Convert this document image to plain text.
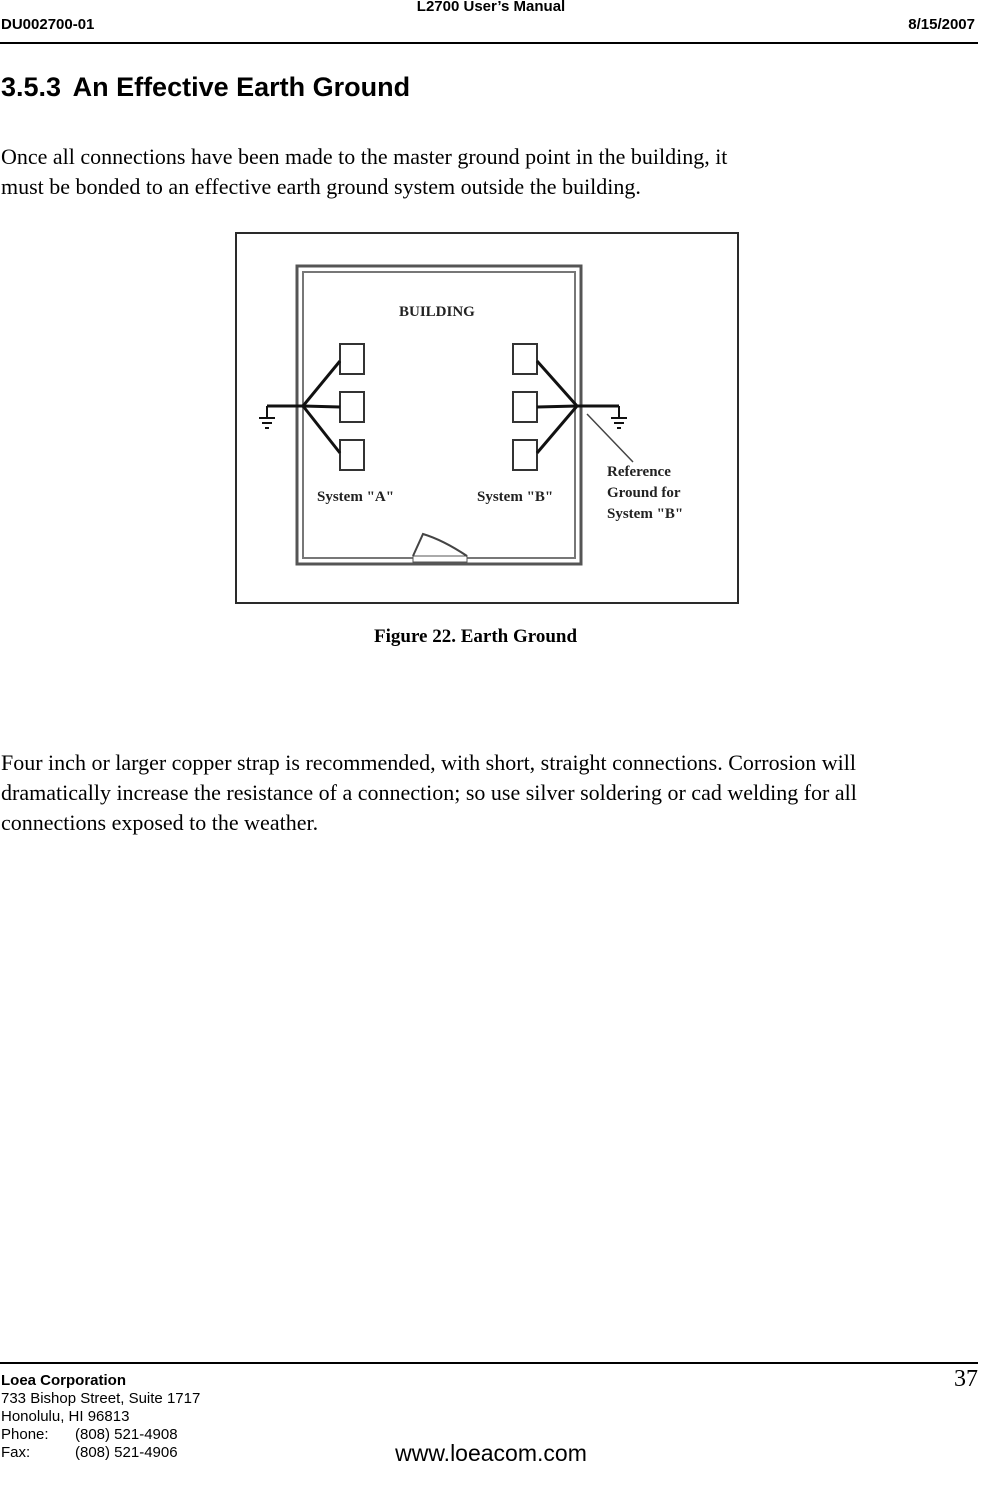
L2700 User’s Manual
DU002700-01	8/15/2007
3.5.3 An Effective Earth Ground
Once all connections have been made to the master ground point in the building, it
must be bonded to an effective earth ground system outside the building.
BUILDING
System "A"	System "B"
Reference
Ground for
System "B"
Figure 22. Earth Ground
Four inch or larger copper strap is recommended, with short, straight connections. Corrosion will
dramatically increase the resistance of a connection; so use silver soldering or cad welding for all
connections exposed to the weather.
Loea Corporation
733 Bishop Street, Suite 1717
Honolulu, HI 96813
Phone: (808) 521-4908
Fax:	(808) 521-4906
37
www.loeacom.com
